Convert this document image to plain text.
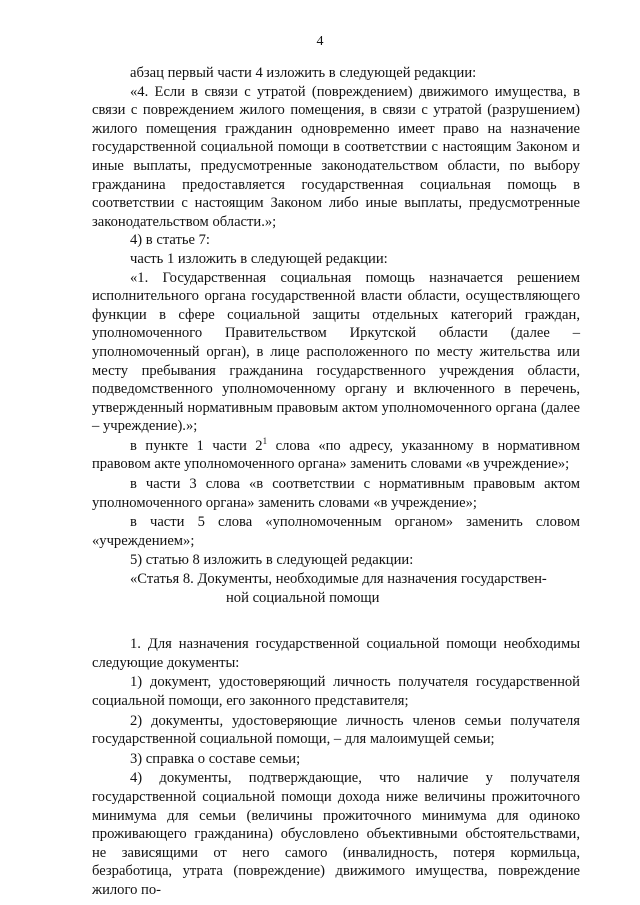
4

абзац первый части 4 изложить в следующей редакции:

«4. Если в связи с утратой (повреждением) движимого имущества, в связи с повреждением жилого помещения, в связи с утратой (разрушением) жилого помещения гражданин одновременно имеет право на назначение государственной социальной помощи в соответствии с настоящим Законом и иные выплаты, предусмотренные законодательством области, по выбору гражданина предоставляется государственная социальная помощь в соответствии с настоящим Законом либо иные выплаты, предусмотренные законодательством области.»;

4) в статье 7:

часть 1 изложить в следующей редакции:

«1. Государственная социальная помощь назначается решением исполнительного органа государственной власти области, осуществляющего функции в сфере социальной защиты отдельных категорий граждан, уполномоченного Правительством Иркутской области (далее – уполномоченный орган), в лице расположенного по месту жительства или месту пребывания гражданина государственного учреждения области, подведомственного уполномоченному органу и включенного в перечень, утвержденный нормативным правовым актом уполномоченного органа (далее – учреждение).»;

в пункте 1 части $2^1$ слова «по адресу, указанному в нормативном правовом акте уполномоченного органа» заменить словами «в учреждение»;

в части 3 слова «в соответствии с нормативным правовым актом уполномоченного органа» заменить словами «в учреждение»;

в части 5 слова «уполномоченным органом» заменить словом «учреждением»;

5) статью 8 изложить в следующей редакции:

«Статья 8. Документы, необходимые для назначения государствен-
ной социальной помощи

1. Для назначения государственной социальной помощи необходимы следующие документы:

1) документ, удостоверяющий личность получателя государственной социальной помощи, его законного представителя;

2) документы, удостоверяющие личность членов семьи получателя государственной социальной помощи, – для малоимущей семьи;

3) справка о составе семьи;

4) документы, подтверждающие, что наличие у получателя государственной социальной помощи дохода ниже величины прожиточного минимума для семьи (величины прожиточного минимума для одиноко проживающего гражданина) обусловлено объективными обстоятельствами, не зависящими от него самого (инвалидность, потеря кормильца, безработица, утрата (повреждение) движимого имущества, повреждение жилого по-
